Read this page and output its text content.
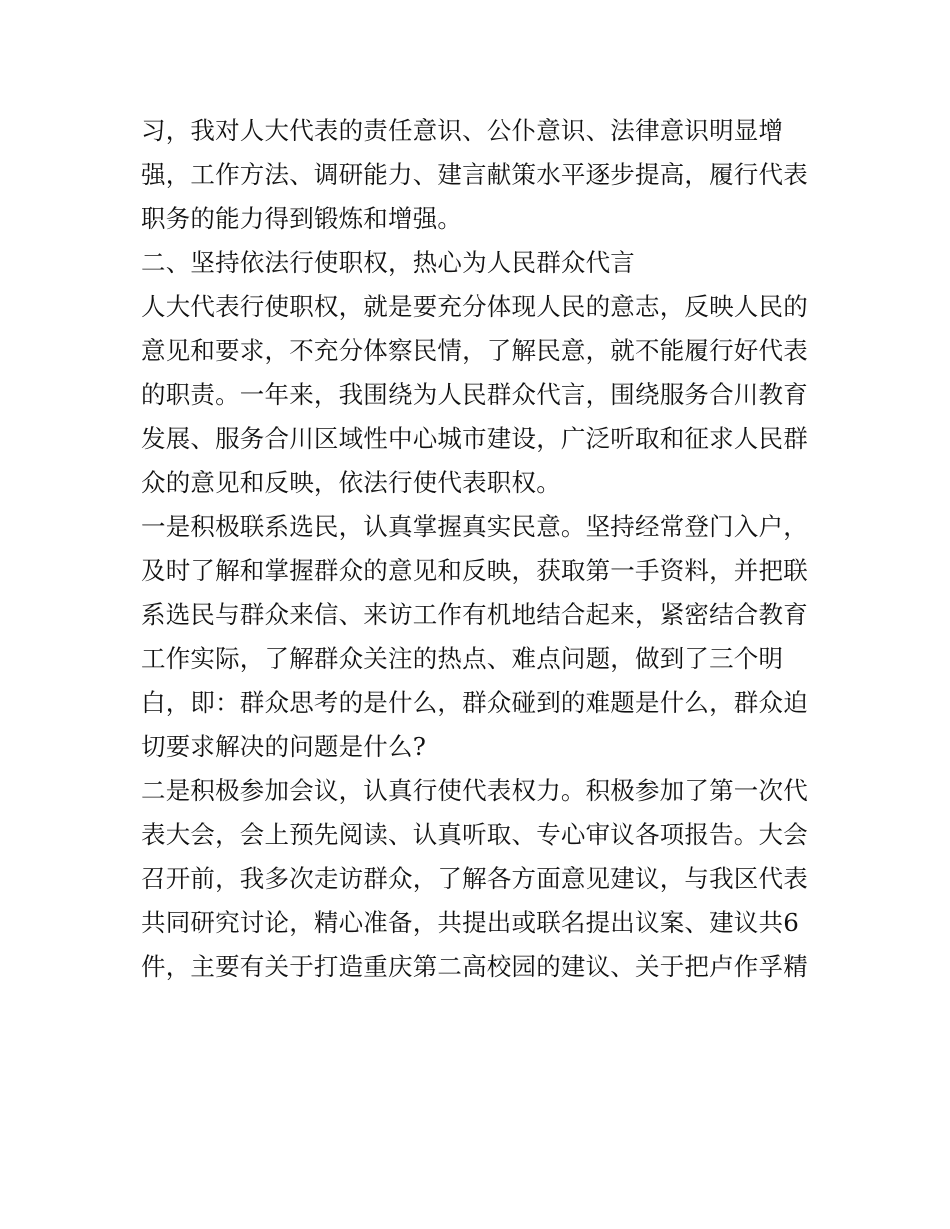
习，我对人大代表的责任意识、公仆意识、法律意识明显增
强，工作方法、调研能力、建言献策水平逐步提高，履行代表
职务的能力得到锻炼和增强。
二、坚持依法行使职权，热心为人民群众代言
人大代表行使职权，就是要充分体现人民的意志，反映人民的
意见和要求，不充分体察民情，了解民意，就不能履行好代表
的职责。一年来，我围绕为人民群众代言，围绕服务合川教育
发展、服务合川区域性中心城市建设，广泛听取和征求人民群
众的意见和反映，依法行使代表职权。
一是积极联系选民，认真掌握真实民意。坚持经常登门入户，
及时了解和掌握群众的意见和反映，获取第一手资料，并把联
系选民与群众来信、来访工作有机地结合起来，紧密结合教育
工作实际，了解群众关注的热点、难点问题，做到了三个明
白，即：群众思考的是什么，群众碰到的难题是什么，群众迫
切要求解决的问题是什么?
二是积极参加会议，认真行使代表权力。积极参加了第一次代
表大会，会上预先阅读、认真听取、专心审议各项报告。大会
召开前，我多次走访群众，了解各方面意见建议，与我区代表
共同研究讨论，精心准备，共提出或联名提出议案、建议共6
件，主要有关于打造重庆第二高校园的建议、关于把卢作孚精
